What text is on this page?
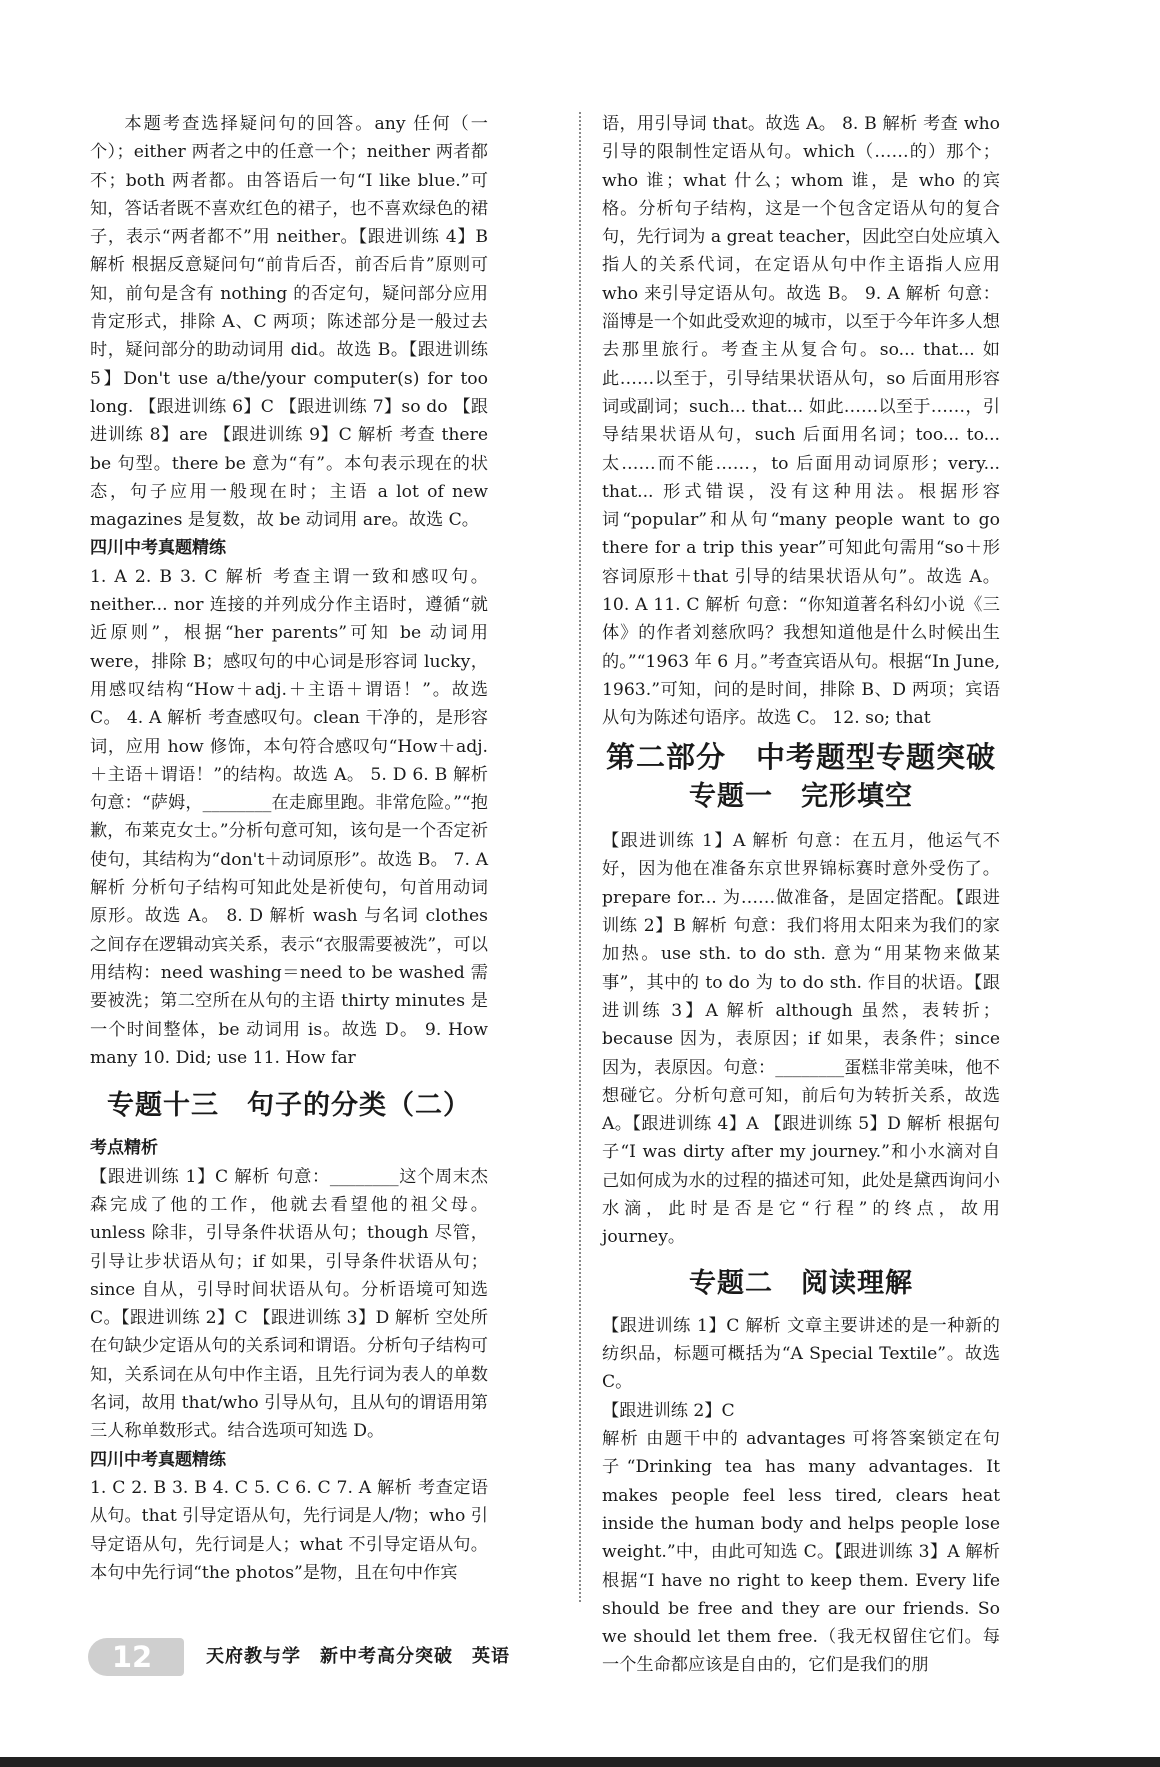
本题考查选择疑问句的回答。any 任何（一个）；either 两者之中的任意一个；neither 两者都不；both 两者都。由答语后一句“I like blue.”可知，答话者既不喜欢红色的裙子，也不喜欢绿色的裙子，表示“两者都不”用 neither。【跟进训练 4】B 解析 根据反意疑问句“前肯后否，前否后肯”原则可知，前句是含有 nothing 的否定句，疑问部分应用肯定形式，排除 A、C 两项；陈述部分是一般过去时，疑问部分的助动词用 did。故选 B。【跟进训练 5】Don't use a/the/your computer(s) for too long. 【跟进训练 6】C 【跟进训练 7】so do 【跟进训练 8】are 【跟进训练 9】C 解析 考查 there be 句型。there be 意为“有”。本句表示现在的状态，句子应用一般现在时；主语 a lot of new magazines 是复数，故 be 动词用 are。故选 C。

四川中考真题精练

1. A 2. B 3. C 解析 考查主谓一致和感叹句。neither... nor 连接的并列成分作主语时，遵循“就近原则”，根据“her parents”可知 be 动词用 were，排除 B；感叹句的中心词是形容词 lucky，用感叹结构“How＋adj.＋主语＋谓语！”。故选 C。 4. A 解析 考查感叹句。clean 干净的，是形容词，应用 how 修饰，本句符合感叹句“How＋adj.＋主语＋谓语！”的结构。故选 A。 5. D 6. B 解析 句意：“萨姆，________在走廊里跑。非常危险。”“抱歉，布莱克女士。”分析句意可知，该句是一个否定祈使句，其结构为“don't＋动词原形”。故选 B。 7. A 解析 分析句子结构可知此处是祈使句，句首用动词原形。故选 A。 8. D 解析 wash 与名词 clothes 之间存在逻辑动宾关系，表示“衣服需要被洗”，可以用结构：need washing＝need to be washed 需要被洗；第二空所在从句的主语 thirty minutes 是一个时间整体，be 动词用 is。故选 D。 9. How many 10. Did; use 11. How far

专题十三　句子的分类（二）

考点精析

【跟进训练 1】C 解析 句意：________这个周末杰森完成了他的工作，他就去看望他的祖父母。unless 除非，引导条件状语从句；though 尽管，引导让步状语从句；if 如果，引导条件状语从句；since 自从，引导时间状语从句。分析语境可知选 C。【跟进训练 2】C 【跟进训练 3】D 解析 空处所在句缺少定语从句的关系词和谓语。分析句子结构可知，关系词在从句中作主语，且先行词为表人的单数名词，故用 that/who 引导从句，且从句的谓语用第三人称单数形式。结合选项可知选 D。

四川中考真题精练

1. C 2. B 3. B 4. C 5. C 6. C 7. A 解析 考查定语从句。that 引导定语从句，先行词是人/物；who 引导定语从句，先行词是人；what 不引导定语从句。本句中先行词“the photos”是物，且在句中作宾

语，用引导词 that。故选 A。 8. B 解析 考查 who 引导的限制性定语从句。which（……的）那个；who 谁；what 什么；whom 谁，是 who 的宾格。分析句子结构，这是一个包含定语从句的复合句，先行词为 a great teacher，因此空白处应填入指人的关系代词，在定语从句中作主语指人应用 who 来引导定语从句。故选 B。 9. A 解析 句意：淄博是一个如此受欢迎的城市，以至于今年许多人想去那里旅行。考查主从复合句。so... that... 如此……以至于，引导结果状语从句，so 后面用形容词或副词；such... that... 如此……以至于……，引导结果状语从句，such 后面用名词；too... to... 太……而不能……，to 后面用动词原形；very... that... 形式错误，没有这种用法。根据形容词“popular”和从句“many people want to go there for a trip this year”可知此句需用“so＋形容词原形＋that 引导的结果状语从句”。故选 A。 10. A 11. C 解析 句意：“你知道著名科幻小说《三体》的作者刘慈欣吗？我想知道他是什么时候出生的。”“1963 年 6 月。”考查宾语从句。根据“In June, 1963.”可知，问的是时间，排除 B、D 两项；宾语从句为陈述句语序。故选 C。 12. so; that

第二部分　中考题型专题突破
专题一　完形填空

【跟进训练 1】A 解析 句意：在五月，他运气不好，因为他在准备东京世界锦标赛时意外受伤了。prepare for... 为……做准备，是固定搭配。【跟进训练 2】B 解析 句意：我们将用太阳来为我们的家加热。use sth. to do sth. 意为“用某物来做某事”，其中的 to do 为 to do sth. 作目的状语。【跟进训练 3】A 解析 although 虽然，表转折；because 因为，表原因；if 如果，表条件；since 因为，表原因。句意：________蛋糕非常美味，他不想碰它。分析句意可知，前后句为转折关系，故选 A。【跟进训练 4】A 【跟进训练 5】D 解析 根据句子“I was dirty after my journey.”和小水滴对自己如何成为水的过程的描述可知，此处是黛西询问小水滴，此时是否是它“行程”的终点，故用 journey。

专题二　阅读理解

【跟进训练 1】C 解析 文章主要讲述的是一种新的纺织品，标题可概括为“A Special Textile”。故选 C。

【跟进训练 2】C

解析 由题干中的 advantages 可将答案锁定在句子“Drinking tea has many advantages. It makes people feel less tired, clears heat inside the human body and helps people lose weight.”中，由此可知选 C。【跟进训练 3】A 解析 根据“I have no right to keep them. Every life should be free and they are our friends. So we should let them free.（我无权留住它们。每一个生命都应该是自由的，它们是我们的朋

12	天府教与学　新中考高分突破　英语
